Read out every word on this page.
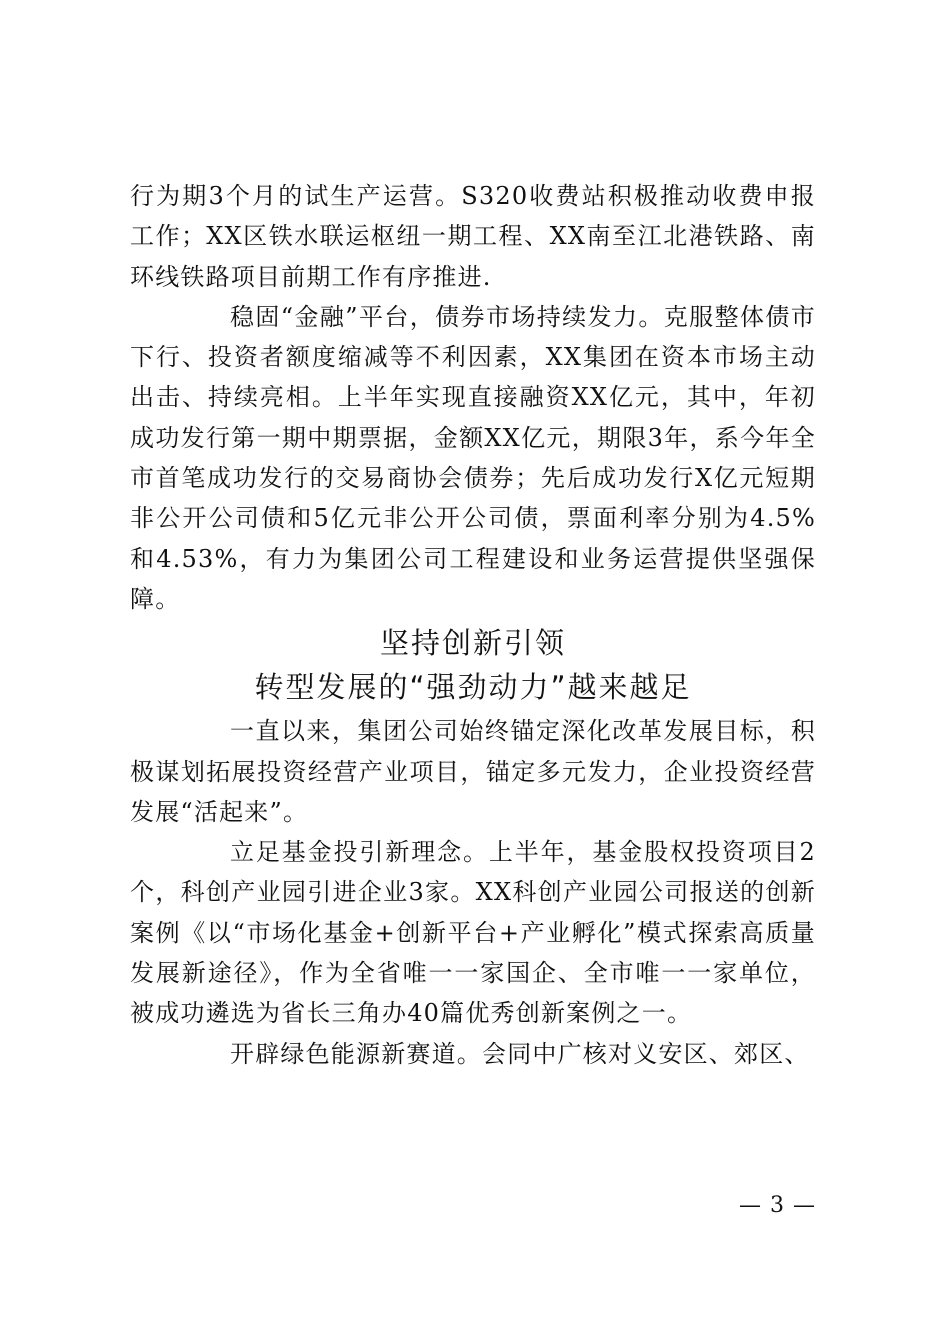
行为期3个月的试生产运营。S320收费站积极推动收费申报工作；XX区铁水联运枢纽一期工程、XX南至江北港铁路、南环线铁路项目前期工作有序推进.

稳固“金融”平台，债券市场持续发力。克服整体债市下行、投资者额度缩减等不利因素，XX集团在资本市场主动出击、持续亮相。上半年实现直接融资XX亿元，其中，年初成功发行第一期中期票据，金额XX亿元，期限3年，系今年全市首笔成功发行的交易商协会债券；先后成功发行X亿元短期非公开公司债和5亿元非公开公司债，票面利率分别为4.5%和4.53%，有力为集团公司工程建设和业务运营提供坚强保障。

坚持创新引领
转型发展的“强劲动力”越来越足

一直以来，集团公司始终锚定深化改革发展目标，积极谋划拓展投资经营产业项目，锚定多元发力，企业投资经营发展“活起来”。

立足基金投引新理念。上半年，基金股权投资项目2个，科创产业园引进企业3家。XX科创产业园公司报送的创新案例《以“市场化基金+创新平台+产业孵化”模式探索高质量发展新途径》，作为全省唯一一家国企、全市唯一一家单位，被成功遴选为省长三角办40篇优秀创新案例之一。

开辟绿色能源新赛道。会同中广核对义安区、郊区、

— 3 —
